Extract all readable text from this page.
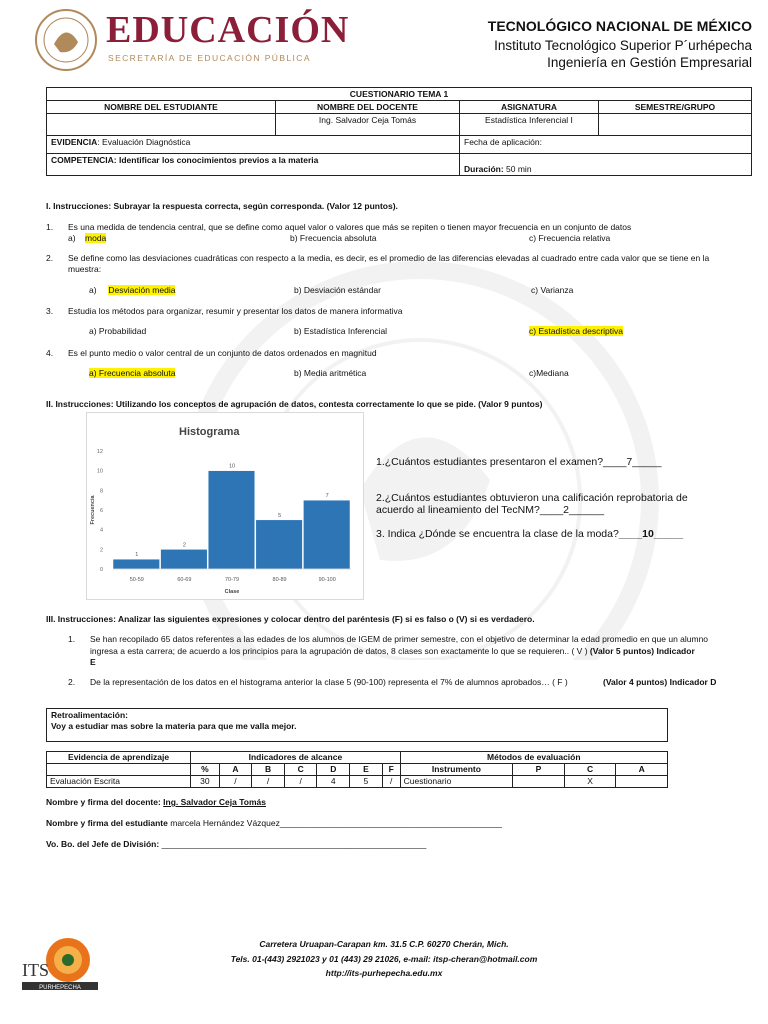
EDUCACIÓN
SECRETARÍA DE EDUCACIÓN PÚBLICA
TECNOLÓGICO NACIONAL DE MÉXICO
Instituto Tecnológico Superior P´urhépecha
Ingeniería en Gestión Empresarial
CUESTIONARIO TEMA 1			
NOMBRE DEL ESTUDIANTE	NOMBRE DEL DOCENTE	ASIGNATURA	SEMESTRE/GRUPO
	Ing. Salvador Ceja Tomás	Estadística Inferencial I	
EVIDENCIA: Evaluación Diagnóstica		Fecha de aplicación:	
COMPETENCIA: Identificar los conocimientos previos a la materia		Duración: 50 min	
I. Instrucciones: Subrayar la respuesta correcta, según corresponda. (Valor 12 puntos).
1. Es una medida de tendencia central, que se define como aquel valor o valores que más se repiten o tienen mayor frecuencia en un conjunto de datos
a) moda	b) Frecuencia absoluta	c) Frecuencia relativa
2. Se define como las desviaciones cuadráticas con respecto a la media, es decir, es el promedio de las diferencias elevadas al cuadrado entre cada valor que se tiene en la muestra:
a) Desviación media	b) Desviación estándar	c) Varianza
3. Estudia los métodos para organizar, resumir y presentar los datos de manera informativa
a) Probabilidad	b) Estadística Inferencial	c) Estadística descriptiva
4. Es el punto medio o valor central de un conjunto de datos ordenados en magnitud
a) Frecuencia absoluta	b) Media aritmética	c)Mediana
II. Instrucciones: Utilizando los conceptos de agrupación de datos, contesta correctamente lo que se pide. (Valor 9 puntos)
Histograma
0
2
4
6
8
10
12
1
50-59
2
60-69
10
70-79
5
80-89
7
90-100
Clase
Frecuencia
1.¿Cuántos estudiantes presentaron el examen?____7_____
2.¿Cuántos estudiantes obtuvieron una calificación reprobatoria de
acuerdo al lineamiento del TecNM?____2______
3. Indica ¿Dónde se encuentra la clase de la moda?____10_____
III. Instrucciones: Analizar las siguientes expresiones y colocar dentro del paréntesis (F) si es falso o (V) si es verdadero.
1. Se han recopilado 65 datos referentes a las edades de los alumnos de IGEM de primer semestre, con el objetivo de determinar la edad promedio en que un alumno
ingresa a esta carrera; de acuerdo a los principios para la agrupación de datos, 8 clases son exactamente lo que se requieren.. ( V ) (Valor 5 puntos) Indicador
E
2. De la representación de los datos en el histograma anterior la clase 5 (90-100) representa el 7% de alumnos aprobados… ( F )	(Valor 4 puntos) Indicador D
Retroalimentación:
Voy a estudiar mas sobre la materia para que me valla mejor.
Evidencia de aprendizaje	Indicadores de alcance							Métodos de evaluación			
	%	A	B	C	D	E	F	Instrumento	P	C	A
Evaluación Escrita	30	/	/	/	4	5	/	Cuestionario		X	
Nombre y firma del docente: Ing. Salvador Ceja Tomás
Nombre y firma del estudiante marcela Hernández Vázquez_______________________________________________
Vo. Bo. del Jefe de División: ________________________________________________________
ITS
PURHEPECHA
Carretera Uruapan-Carapan km. 31.5 C.P. 60270 Cherán, Mich.
Tels. 01-(443) 2921023 y 01 (443) 29 21026, e-mail: itsp-cheran@hotmail.com
http://its-purhepecha.edu.mx
